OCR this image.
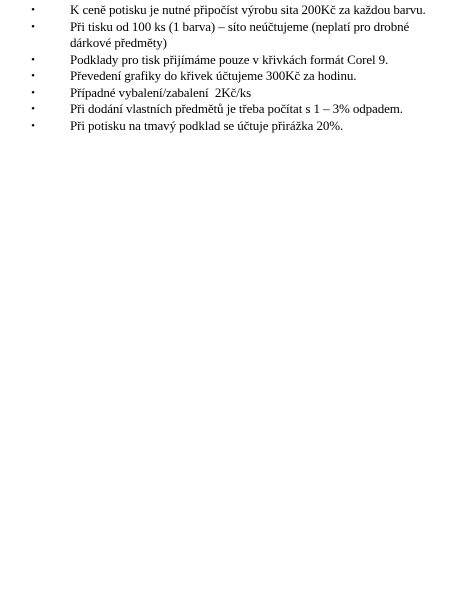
•	K ceně potisku je nutné připočíst výrobu sita 200Kč za každou barvu.
•	Při tisku od 100 ks (1 barva) – síto neúčtujeme (neplatí pro drobné dárkové předměty)
•	Podklady pro tisk přijímáme pouze v křivkách formát Corel 9.
•	Převedení grafiky do křivek účtujeme 300Kč za hodinu.
•	Případné vybalení/zabalení  2Kč/ks
•	Při dodání vlastních předmětů je třeba počítat s 1 – 3% odpadem.
•	Při potisku na tmavý podklad se účtuje přirážka 20%.
